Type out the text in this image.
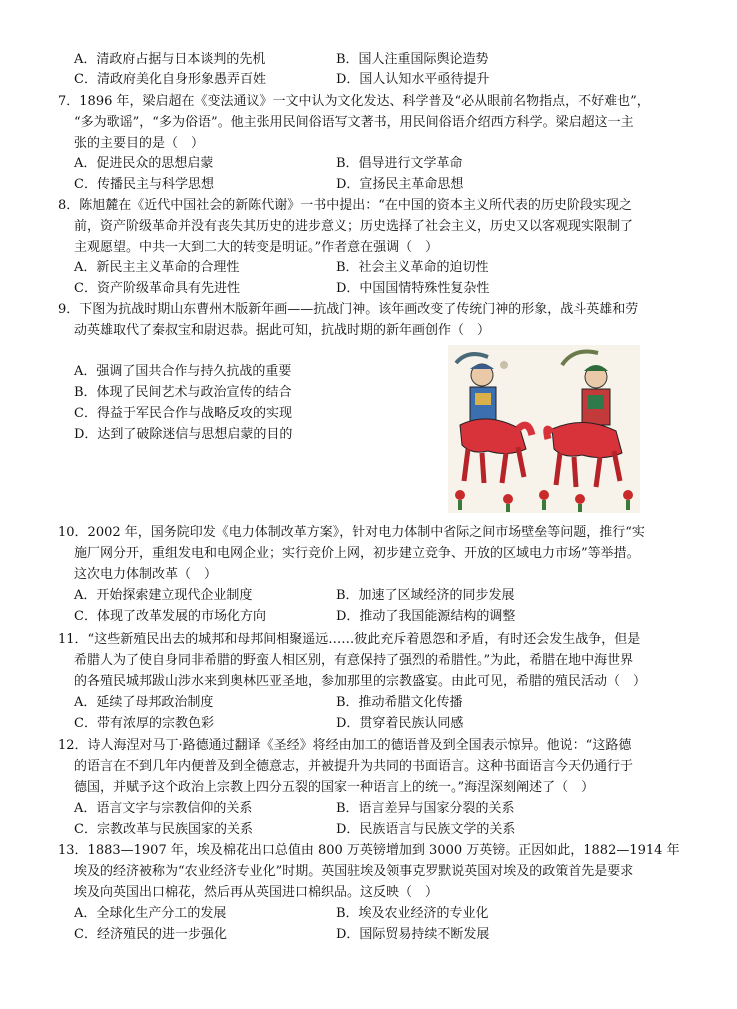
A．清政府占据与日本谈判的先机	B．国人注重国际舆论造势
C．清政府美化自身形象愚弄百姓	D．国人认知水平亟待提升
7．1896 年，梁启超在《变法通议》一文中认为文化发达、科学普及“必从眼前名物指点，不好难也”，
“多为歌谣”，“多为俗语”。他主张用民间俗语写文著书，用民间俗语介绍西方科学。梁启超这一主
张的主要目的是（　）
A．促进民众的思想启蒙	B．倡导进行文学革命
C．传播民主与科学思想	D．宣扬民主革命思想
8．陈旭麓在《近代中国社会的新陈代谢》一书中提出：“在中国的资本主义所代表的历史阶段实现之
前，资产阶级革命并没有丧失其历史的进步意义；历史选择了社会主义，历史又以客观现实限制了
主观愿望。中共一大到二大的转变是明证。”作者意在强调（　）
A．新民主主义革命的合理性	B．社会主义革命的迫切性
C．资产阶级革命具有先进性	D．中国国情特殊性复杂性
9．下图为抗战时期山东曹州木版新年画——抗战门神。该年画改变了传统门神的形象，战斗英雄和劳
动英雄取代了秦叔宝和尉迟恭。据此可知，抗战时期的新年画创作（　）
A．强调了国共合作与持久抗战的重要
B．体现了民间艺术与政治宣传的结合
C．得益于军民合作与战略反攻的实现
D．达到了破除迷信与思想启蒙的目的
10．2002 年，国务院印发《电力体制改革方案》，针对电力体制中省际之间市场壁垒等问题，推行“实
施厂网分开，重组发电和电网企业；实行竞价上网，初步建立竞争、开放的区域电力市场”等举措。
这次电力体制改革（　）
A．开始探索建立现代企业制度	B．加速了区域经济的同步发展
C．体现了改革发展的市场化方向	D．推动了我国能源结构的调整
11．“这些新殖民出去的城邦和母邦间相聚遥远……彼此充斥着恩怨和矛盾，有时还会发生战争，但是
希腊人为了使自身同非希腊的野蛮人相区别，有意保持了强烈的希腊性。”为此，希腊在地中海世界
的各殖民城邦跋山涉水来到奥林匹亚圣地，参加那里的宗教盛宴。由此可见，希腊的殖民活动（　）
A．延续了母邦政治制度	B．推动希腊文化传播
C．带有浓厚的宗教色彩	D．贯穿着民族认同感
12．诗人海涅对马丁·路德通过翻译《圣经》将经由加工的德语普及到全国表示惊异。他说：“这路德
的语言在不到几年内便普及到全德意志，并被提升为共同的书面语言。这种书面语言今天仍通行于
德国，并赋予这个政治上宗教上四分五裂的国家一种语言上的统一。”海涅深刻阐述了（　）
A．语言文字与宗教信仰的关系	B．语言差异与国家分裂的关系
C．宗教改革与民族国家的关系	D．民族语言与民族文学的关系
13．1883—1907 年，埃及棉花出口总值由 800 万英镑增加到 3000 万英镑。正因如此，1882—1914 年
埃及的经济被称为“农业经济专业化”时期。英国驻埃及领事克罗默说英国对埃及的政策首先是要求
埃及向英国出口棉花，然后再从英国进口棉织品。这反映（　）
A．全球化生产分工的发展	B．埃及农业经济的专业化
C．经济殖民的进一步强化	D．国际贸易持续不断发展
